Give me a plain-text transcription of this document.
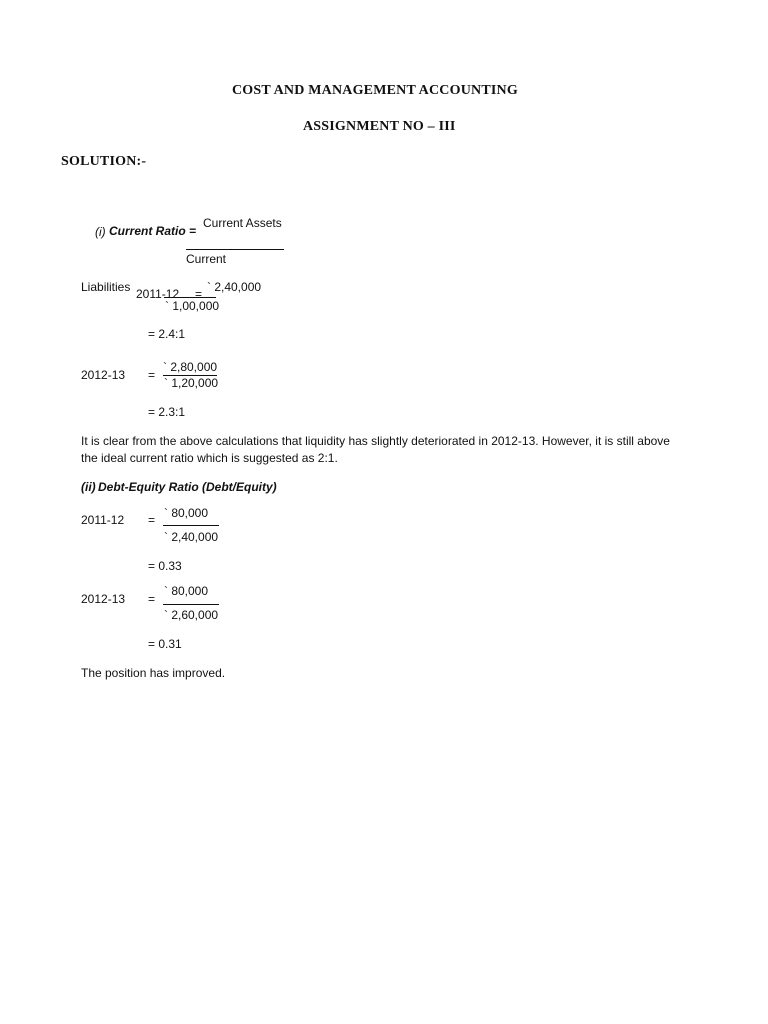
COST AND MANAGEMENT ACCOUNTING
ASSIGNMENT NO – III
SOLUTION:-
(i) Current Ratio =
Current Assets
Current
Liabilities 2011-12 = ` 2,40,000
` 1,00,000
= 2.4:1
2012-13 =
` 2,80,000
` 1,20,000
= 2.3:1
It is clear from the above calculations that liquidity has slightly deteriorated in 2012-13. However, it is still above the ideal current ratio which is suggested as 2:1.
(ii) Debt-Equity Ratio (Debt/Equity)
2011-12 = ` 80,000
` 2,40,000
= 0.33
2012-13 =
` 80,000
` 2,60,000
= 0.31
The position has improved.
